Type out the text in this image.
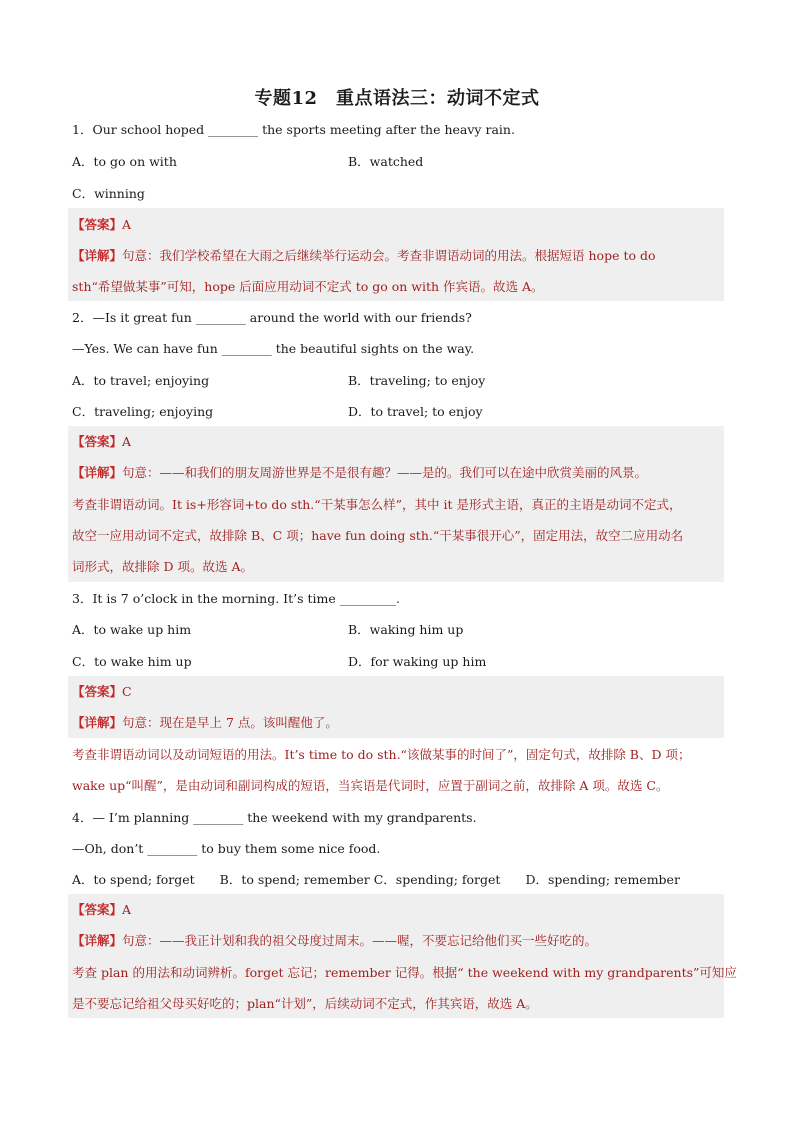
专题12　重点语法三：动词不定式
1．Our school hoped ________ the sports meeting after the heavy rain.
A．to go on with	B．watched
C．winning
【答案】A
【详解】句意：我们学校希望在大雨之后继续举行运动会。考查非谓语动词的用法。根据短语 hope to do
sth“希望做某事”可知，hope 后面应用动词不定式 to go on with 作宾语。故选 A。
2．—Is it great fun ________ around the world with our friends?
—Yes. We can have fun ________ the beautiful sights on the way.
A．to travel; enjoying	B．traveling; to enjoy
C．traveling; enjoying	D．to travel; to enjoy
【答案】A
【详解】句意：——和我们的朋友周游世界是不是很有趣？——是的。我们可以在途中欣赏美丽的风景。
考查非谓语动词。It is+形容词+to do sth.“干某事怎么样”，其中 it 是形式主语，真正的主语是动词不定式，
故空一应用动词不定式，故排除 B、C 项；have fun doing sth.“干某事很开心”，固定用法，故空二应用动名
词形式，故排除 D 项。故选 A。
3．It is 7 o’clock in the morning. It’s time _________.
A．to wake up him	B．waking him up
C．to wake him up	D．for waking up him
【答案】C
【详解】句意：现在是早上 7 点。该叫醒他了。
考查非谓语动词以及动词短语的用法。It’s time to do sth.“该做某事的时间了”，固定句式，故排除 B、D 项；
wake up“叫醒”，是由动词和副词构成的短语，当宾语是代词时，应置于副词之前，故排除 A 项。故选 C。
4．— I’m planning ________ the weekend with my grandparents.
—Oh, don’t ________ to buy them some nice food.
A．to spend; forget　　B．to spend; remember C．spending; forget　　D．spending; remember
【答案】A
【详解】句意：——我正计划和我的祖父母度过周末。——喔，不要忘记给他们买一些好吃的。
考查 plan 的用法和动词辨析。forget 忘记；remember 记得。根据“ the weekend with my grandparents”可知应
是不要忘记给祖父母买好吃的；plan“计划”，后续动词不定式，作其宾语，故选 A。
